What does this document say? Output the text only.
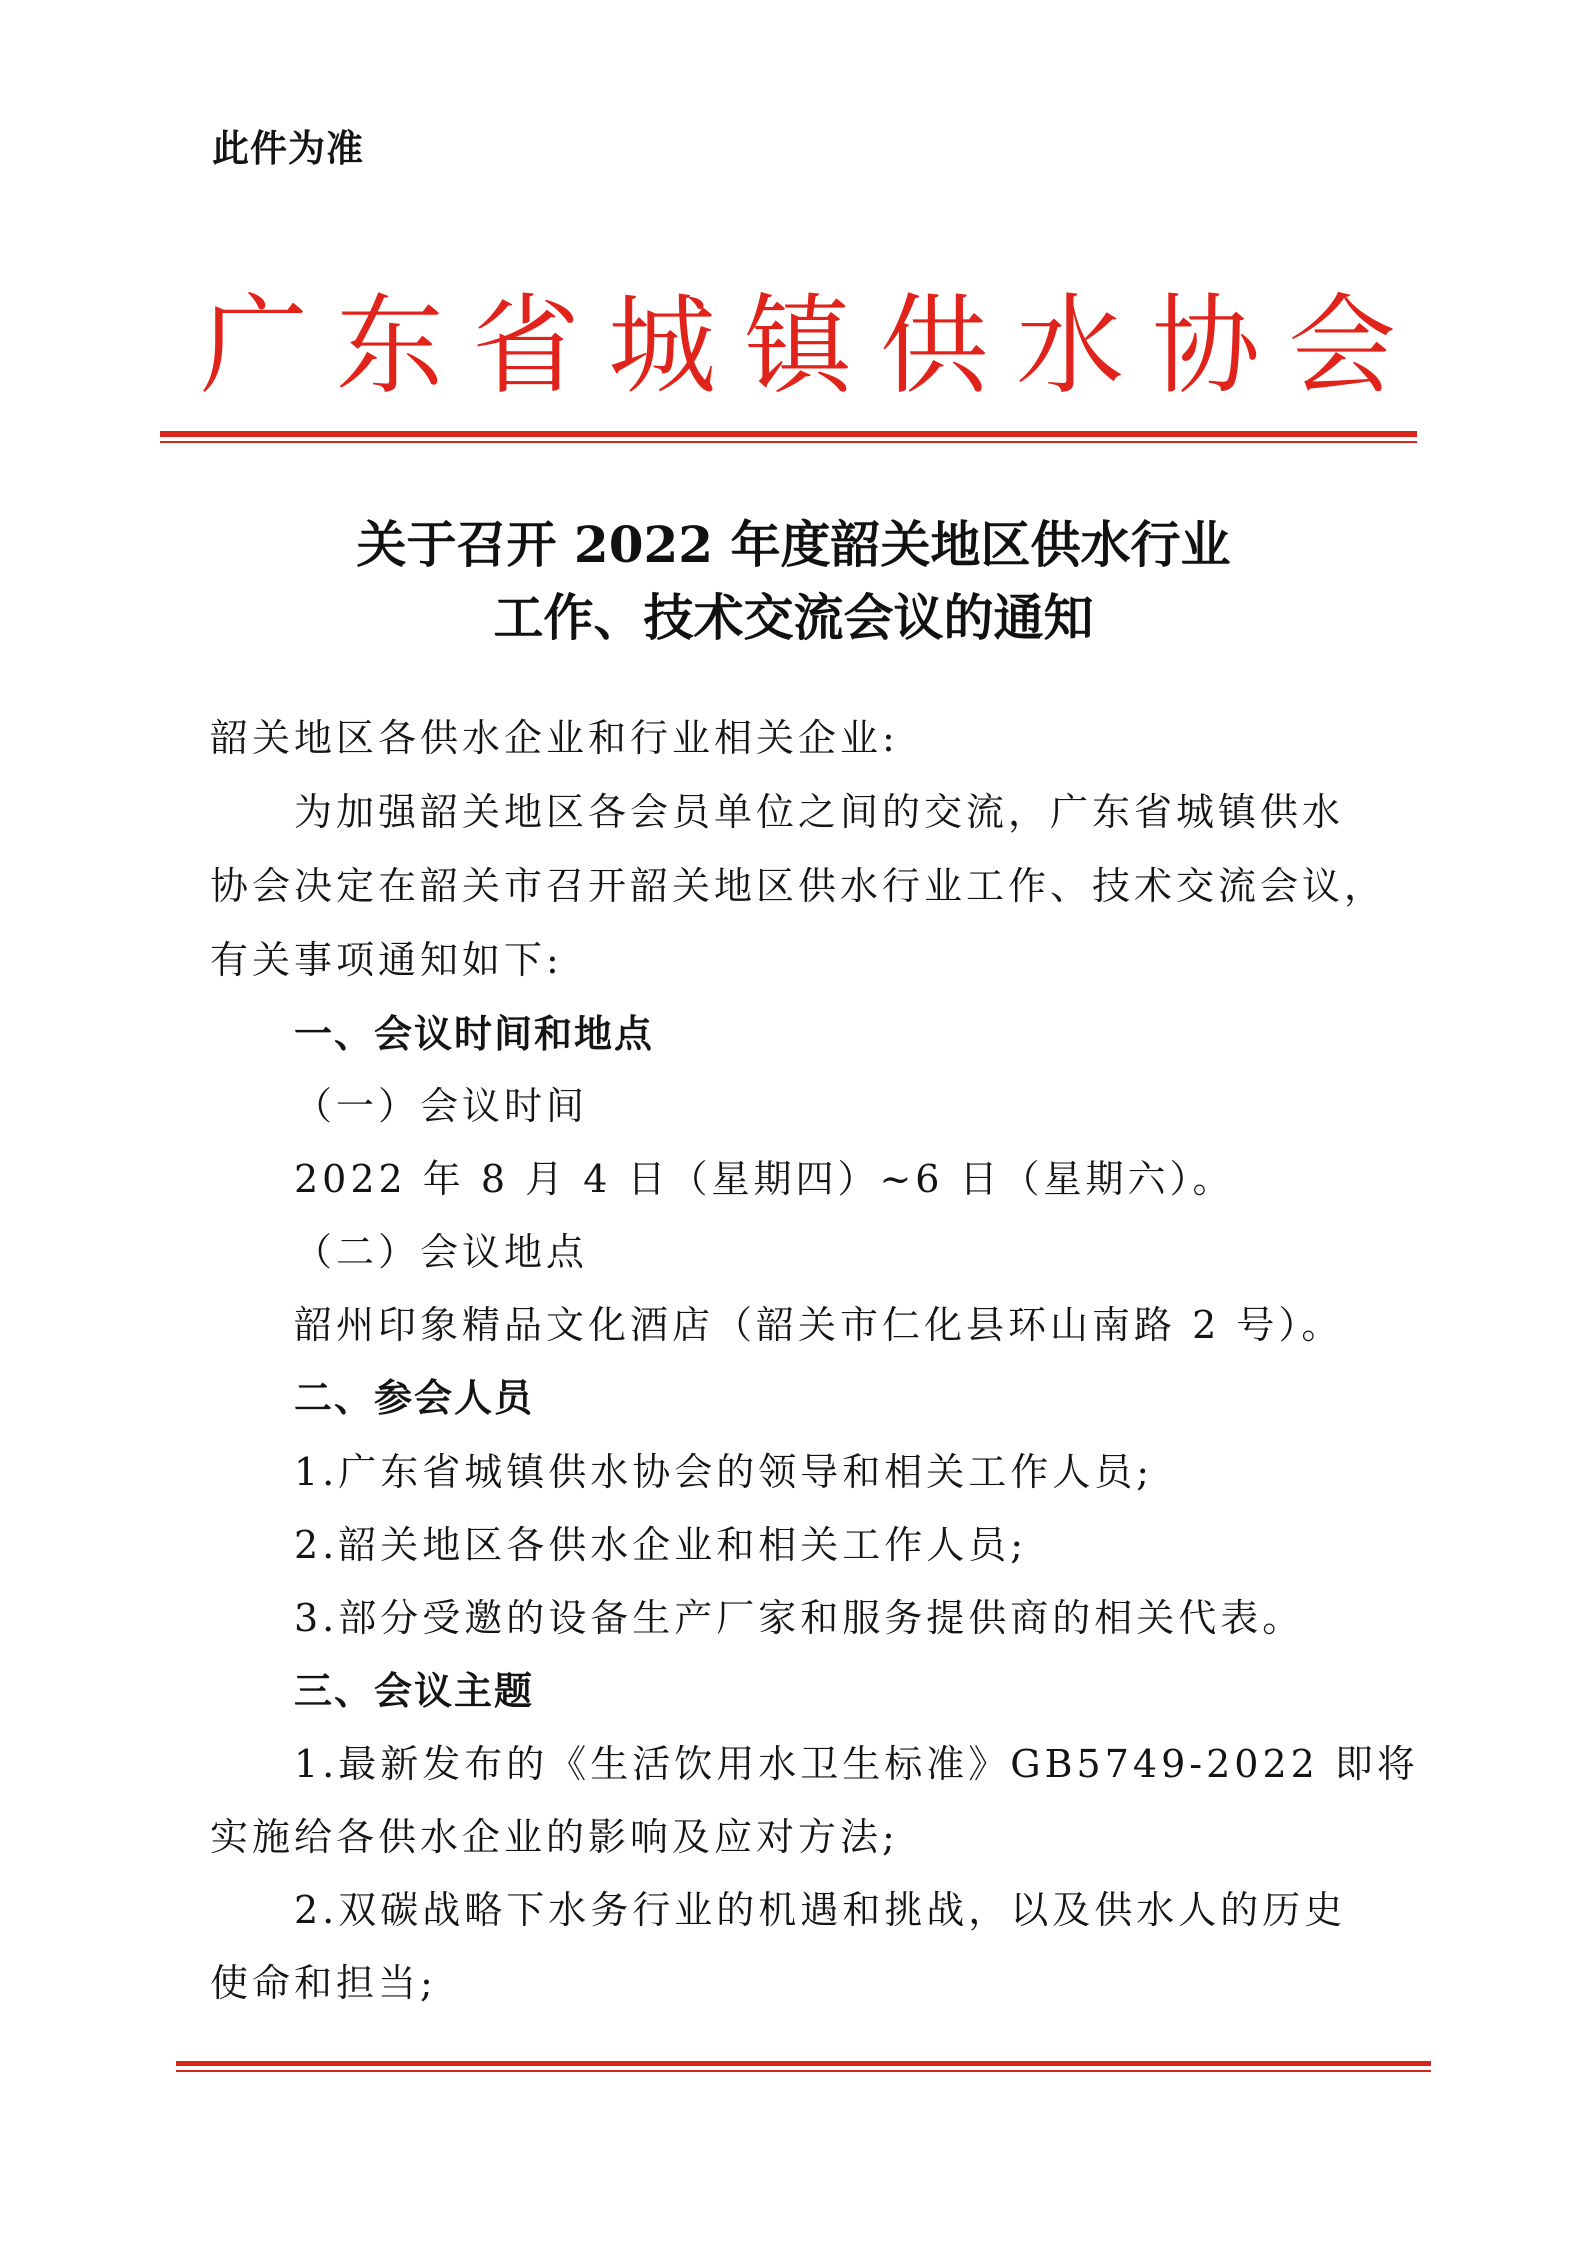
此件为准
广东省城镇供水协会
关于召开 2022 年度韶关地区供水行业
工作、技术交流会议的通知
韶关地区各供水企业和行业相关企业:
为加强韶关地区各会员单位之间的交流，广东省城镇供水
协会决定在韶关市召开韶关地区供水行业工作、技术交流会议，
有关事项通知如下:
一、会议时间和地点
（一）会议时间
2022 年 8 月 4 日（星期四）~6 日（星期六）。
（二）会议地点
韶州印象精品文化酒店（韶关市仁化县环山南路 2 号）。
二、参会人员
1.广东省城镇供水协会的领导和相关工作人员;
2.韶关地区各供水企业和相关工作人员;
3.部分受邀的设备生产厂家和服务提供商的相关代表。
三、会议主题
1.最新发布的《生活饮用水卫生标准》GB5749-2022 即将
实施给各供水企业的影响及应对方法;
2.双碳战略下水务行业的机遇和挑战，以及供水人的历史
使命和担当;
